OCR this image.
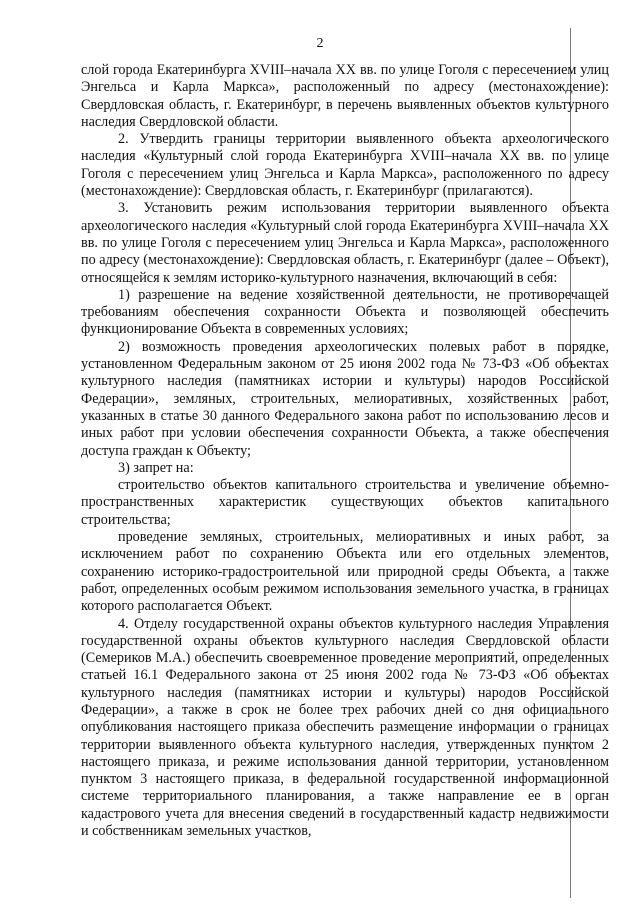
2

слой города Екатеринбурга XVIII–начала XX вв. по улице Гоголя с пересечением улиц Энгельса и Карла Маркса», расположенный по адресу (местонахождение): Свердловская область, г. Екатеринбург, в перечень выявленных объектов культурного наследия Свердловской области.

2. Утвердить границы территории выявленного объекта археологического наследия «Культурный слой города Екатеринбурга XVIII–начала XX вв. по улице Гоголя с пересечением улиц Энгельса и Карла Маркса», расположенного по адресу (местонахождение): Свердловская область, г. Екатеринбург (прилагаются).

3. Установить режим использования территории выявленного объекта археологического наследия «Культурный слой города Екатеринбурга XVIII–начала XX вв. по улице Гоголя с пересечением улиц Энгельса и Карла Маркса», расположенного по адресу (местонахождение): Свердловская область, г. Екатеринбург (далее – Объект), относящейся к землям историко-культурного назначения, включающий в себя:

1) разрешение на ведение хозяйственной деятельности, не противоречащей требованиям обеспечения сохранности Объекта и позволяющей обеспечить функционирование Объекта в современных условиях;

2) возможность проведения археологических полевых работ в порядке, установленном Федеральным законом от 25 июня 2002 года № 73-ФЗ «Об объектах культурного наследия (памятниках истории и культуры) народов Российской Федерации», земляных, строительных, мелиоративных, хозяйственных работ, указанных в статье 30 данного Федерального закона работ по использованию лесов и иных работ при условии обеспечения сохранности Объекта, а также обеспечения доступа граждан к Объекту;

3) запрет на:

строительство объектов капитального строительства и увеличение объемно-пространственных характеристик существующих объектов капитального строительства;

проведение земляных, строительных, мелиоративных и иных работ, за исключением работ по сохранению Объекта или его отдельных элементов, сохранению историко-градостроительной или природной среды Объекта, а также работ, определенных особым режимом использования земельного участка, в границах которого располагается Объект.

4. Отделу государственной охраны объектов культурного наследия Управления государственной охраны объектов культурного наследия Свердловской области (Семериков М.А.) обеспечить своевременное проведение мероприятий, определенных статьей 16.1 Федерального закона от 25 июня 2002 года № 73-ФЗ «Об объектах культурного наследия (памятниках истории и культуры) народов Российской Федерации», а также в срок не более трех рабочих дней со дня официального опубликования настоящего приказа обеспечить размещение информации о границах территории выявленного объекта культурного наследия, утвержденных пунктом 2 настоящего приказа, и режиме использования данной территории, установленном пунктом 3 настоящего приказа, в федеральной государственной информационной системе территориального планирования, а также направление ее в орган кадастрового учета для внесения сведений в государственный кадастр недвижимости и собственникам земельных участков,
